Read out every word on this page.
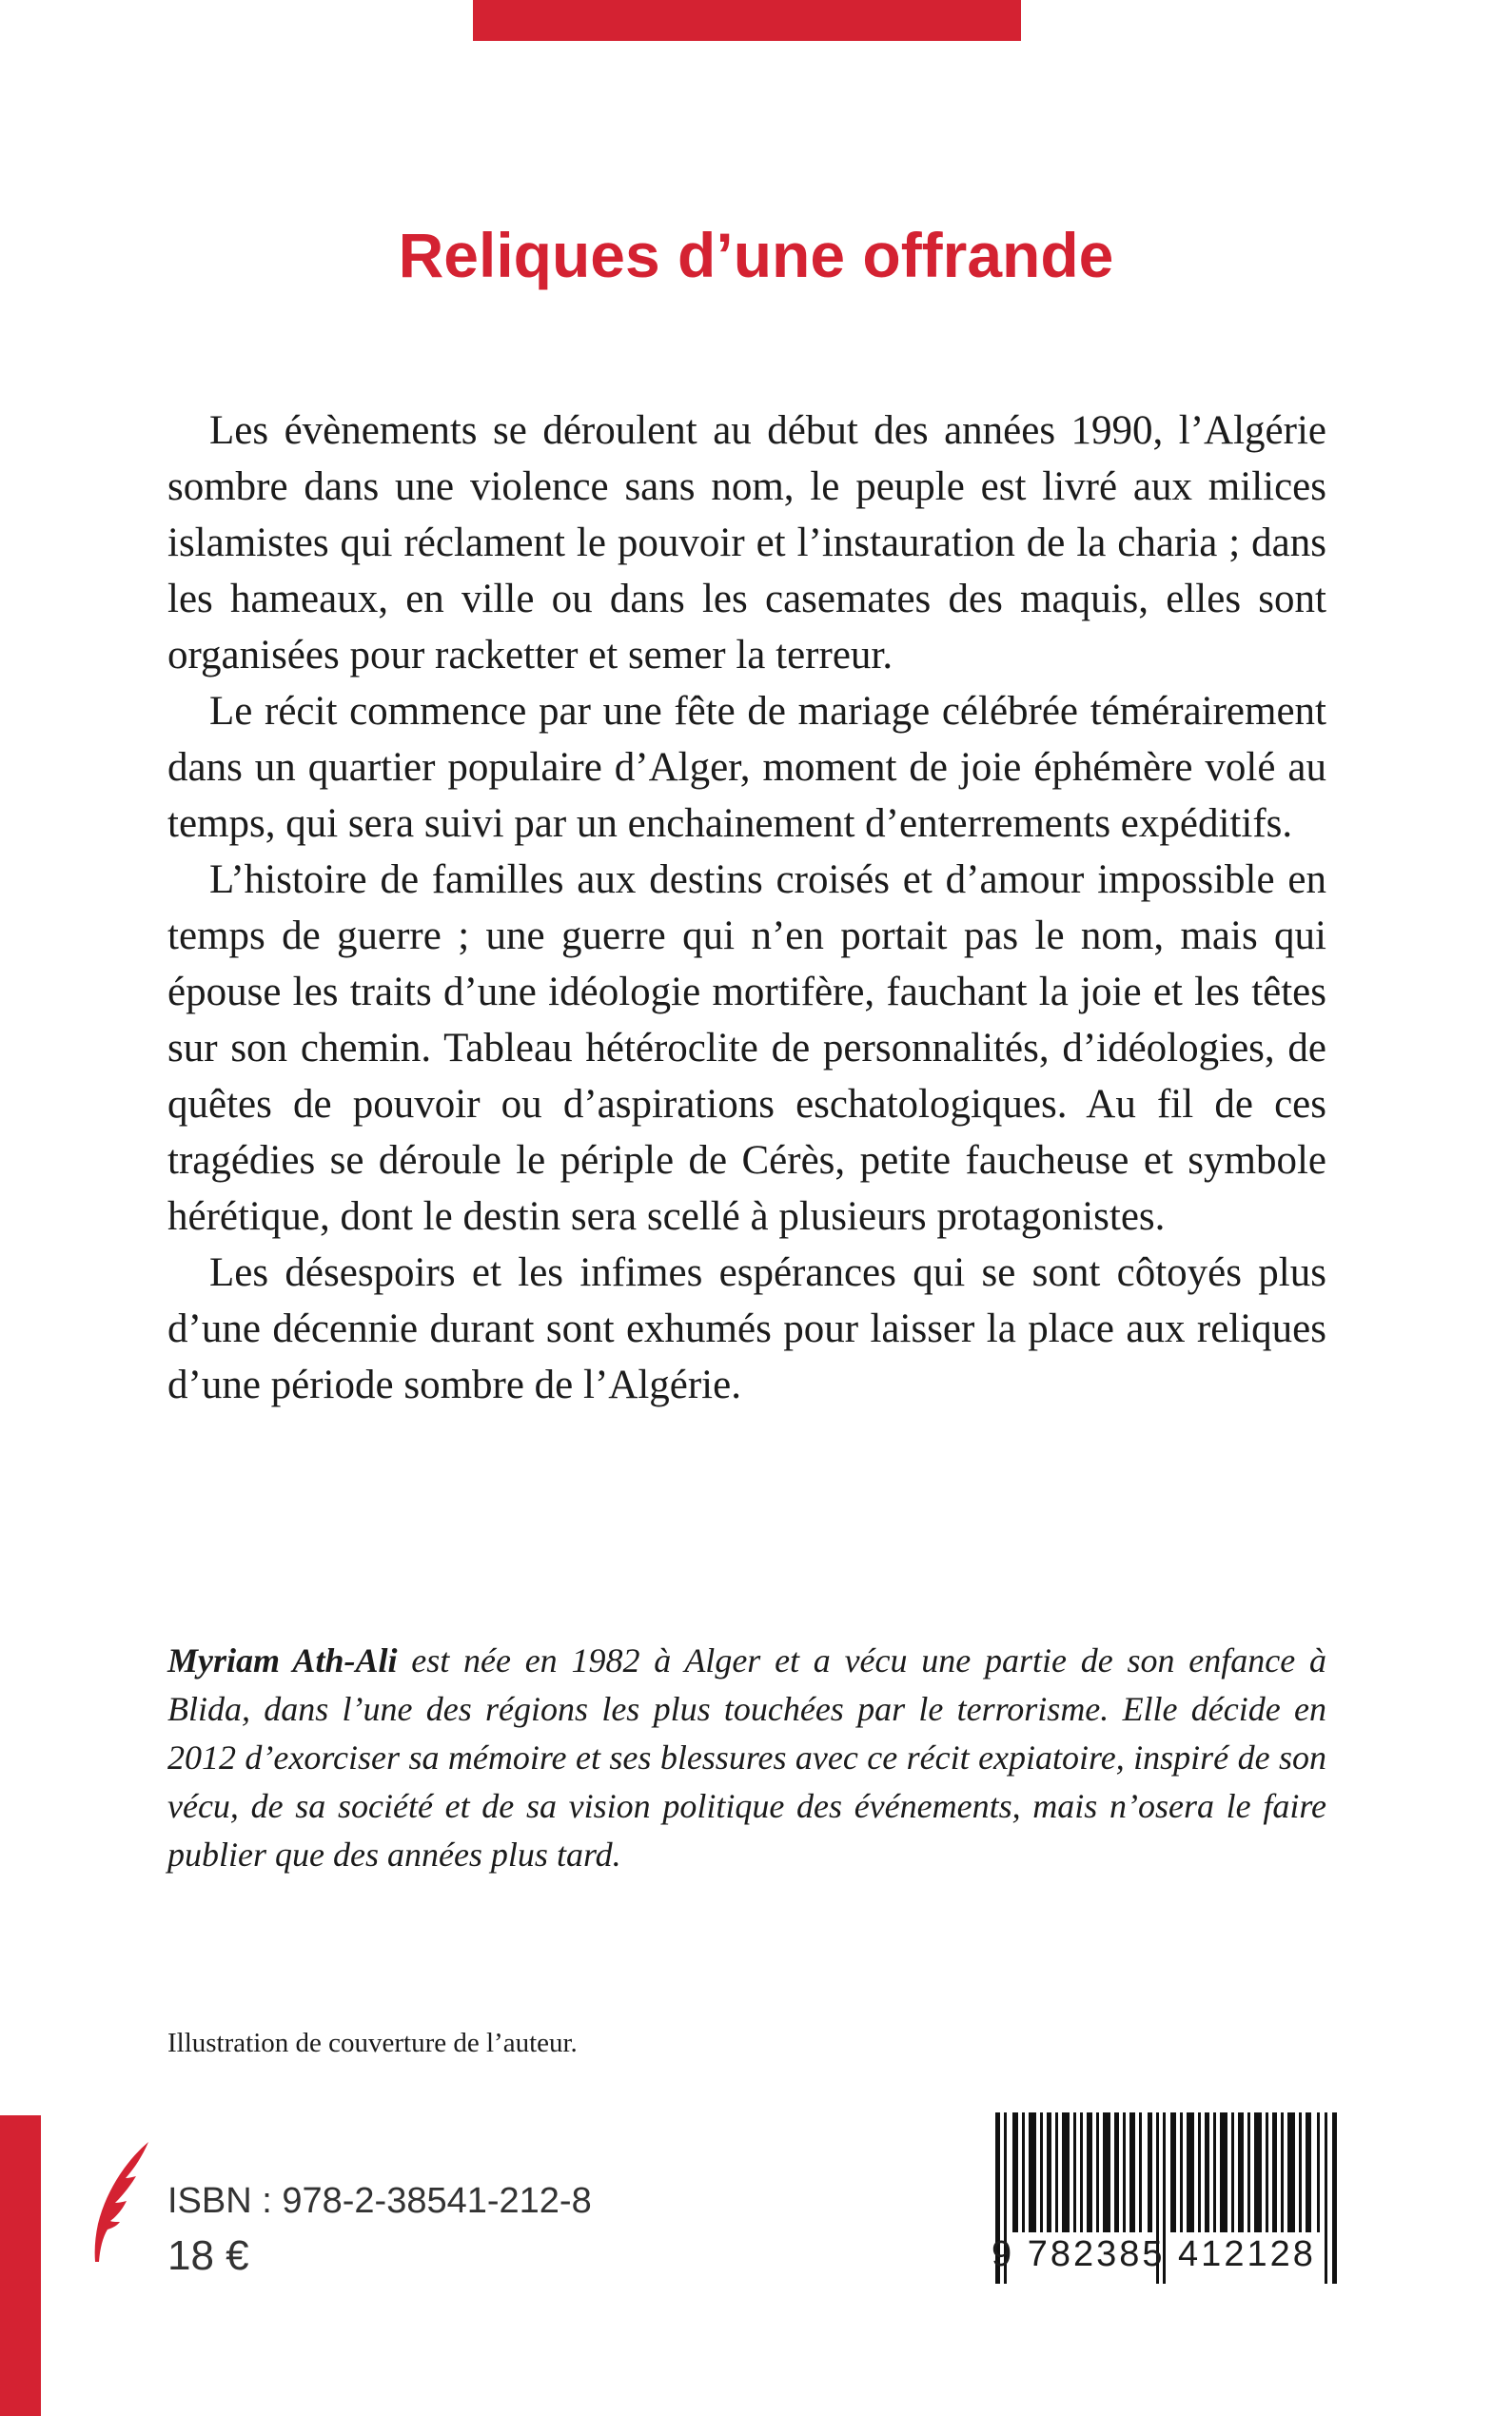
Reliques d’une offrande

Les évènements se déroulent au début des années 1990, l’Algérie sombre dans une violence sans nom, le peuple est livré aux milices islamistes qui réclament le pouvoir et l’instauration de la charia ; dans les hameaux, en ville ou dans les casemates des maquis, elles sont organisées pour racketter et semer la terreur.

Le récit commence par une fête de mariage célébrée témérairement dans un quartier populaire d’Alger, moment de joie éphémère volé au temps, qui sera suivi par un enchainement d’enterrements expéditifs.

L’histoire de familles aux destins croisés et d’amour impossible en temps de guerre ; une guerre qui n’en portait pas le nom, mais qui épouse les traits d’une idéologie mortifère, fauchant la joie et les têtes sur son chemin. Tableau hétéroclite de personnalités, d’idéologies, de quêtes de pouvoir ou d’aspirations eschatologiques. Au fil de ces tragédies se déroule le périple de Cérès, petite faucheuse et symbole hérétique, dont le destin sera scellé à plusieurs protagonistes.

Les désespoirs et les infimes espérances qui se sont côtoyés plus d’une décennie durant sont exhumés pour laisser la place aux reliques d’une période sombre de l’Algérie.

Myriam Ath-Ali est née en 1982 à Alger et a vécu une partie de son enfance à Blida, dans l’une des régions les plus touchées par le terrorisme. Elle décide en 2012 d’exorciser sa mémoire et ses blessures avec ce récit expiatoire, inspiré de son vécu, de sa société et de sa vision politique des événements, mais n’osera le faire publier que des années plus tard.

Illustration de couverture de l’auteur.

ISBN : 978-2-38541-212-8

18 €	9 782385 412128
